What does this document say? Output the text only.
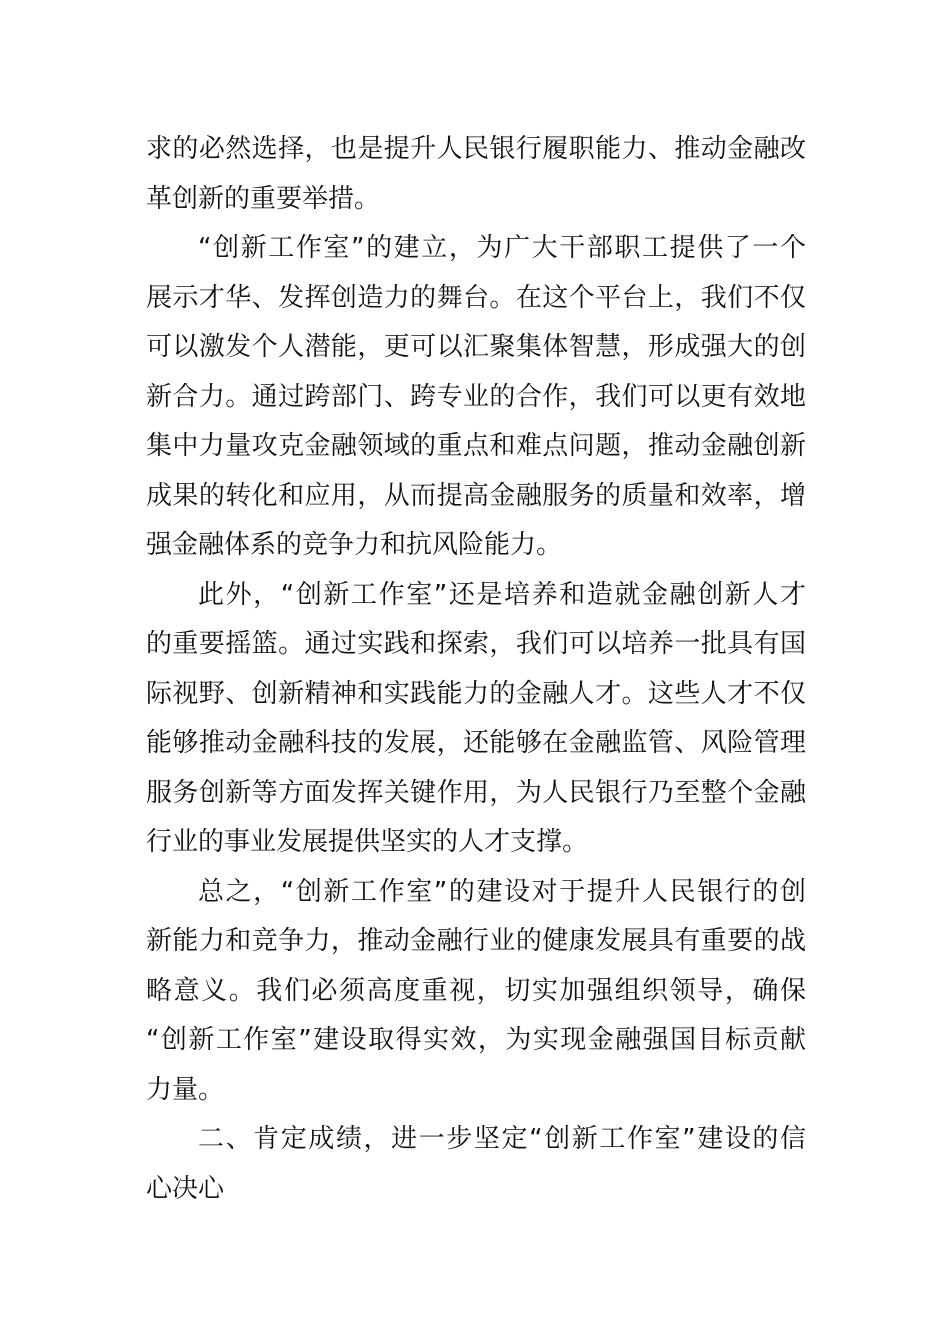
求的必然选择，也是提升人民银行履职能力、推动金融改
革创新的重要举措。
“创新工作室”的建立，为广大干部职工提供了一个
展示才华、发挥创造力的舞台。在这个平台上，我们不仅
可以激发个人潜能，更可以汇聚集体智慧，形成强大的创
新合力。通过跨部门、跨专业的合作，我们可以更有效地
集中力量攻克金融领域的重点和难点问题，推动金融创新
成果的转化和应用，从而提高金融服务的质量和效率，增
强金融体系的竞争力和抗风险能力。
此外，“创新工作室”还是培养和造就金融创新人才
的重要摇篮。通过实践和探索，我们可以培养一批具有国
际视野、创新精神和实践能力的金融人才。这些人才不仅
能够推动金融科技的发展，还能够在金融监管、风险管理
服务创新等方面发挥关键作用，为人民银行乃至整个金融
行业的事业发展提供坚实的人才支撑。
总之，“创新工作室”的建设对于提升人民银行的创
新能力和竞争力，推动金融行业的健康发展具有重要的战
略意义。我们必须高度重视，切实加强组织领导，确保
“创新工作室”建设取得实效，为实现金融强国目标贡献
力量。
二、肯定成绩，进一步坚定“创新工作室”建设的信
心决心
